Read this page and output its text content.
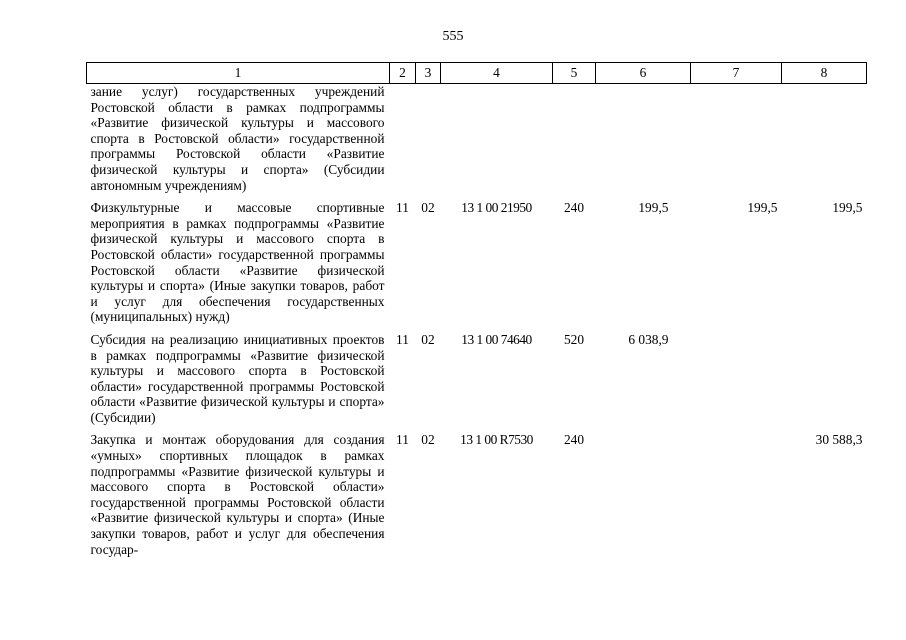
555
1	2	3	4	5	6	7	8
зание услуг) государственных учреждений Ростовской области в рамках подпрограммы «Развитие физической культуры и массового спорта в Ростовской области» государственной программы Ростовской области «Развитие физической культуры и спорта» (Субсидии автономным учреждениям)							
Физкультурные и массовые спортивные мероприятия в рамках подпрограммы «Развитие физической культуры и массового спорта в Ростовской области» государственной программы Ростовской области «Развитие физической культуры и спорта» (Иные закупки товаров, работ и услуг для обеспечения государственных (муниципальных) нужд)	11	02	13 1 00 21950	240	199,5	199,5	199,5
Субсидия на реализацию инициативных проектов в рамках подпрограммы «Развитие физической культуры и массового спорта в Ростовской области» государственной программы Ростовской области «Развитие физической культуры и спорта» (Субсидии)	11	02	13 1 00 74640	520	6 038,9		
Закупка и монтаж оборудования для создания «умных» спортивных площадок в рамках подпрограммы «Развитие физической культуры и массового спорта в Ростовской области» государственной программы Ростовской области «Развитие физической культуры и спорта» (Иные закупки товаров, работ и услуг для обеспечения государ-	11	02	13 1 00 R7530	240			30 588,3
